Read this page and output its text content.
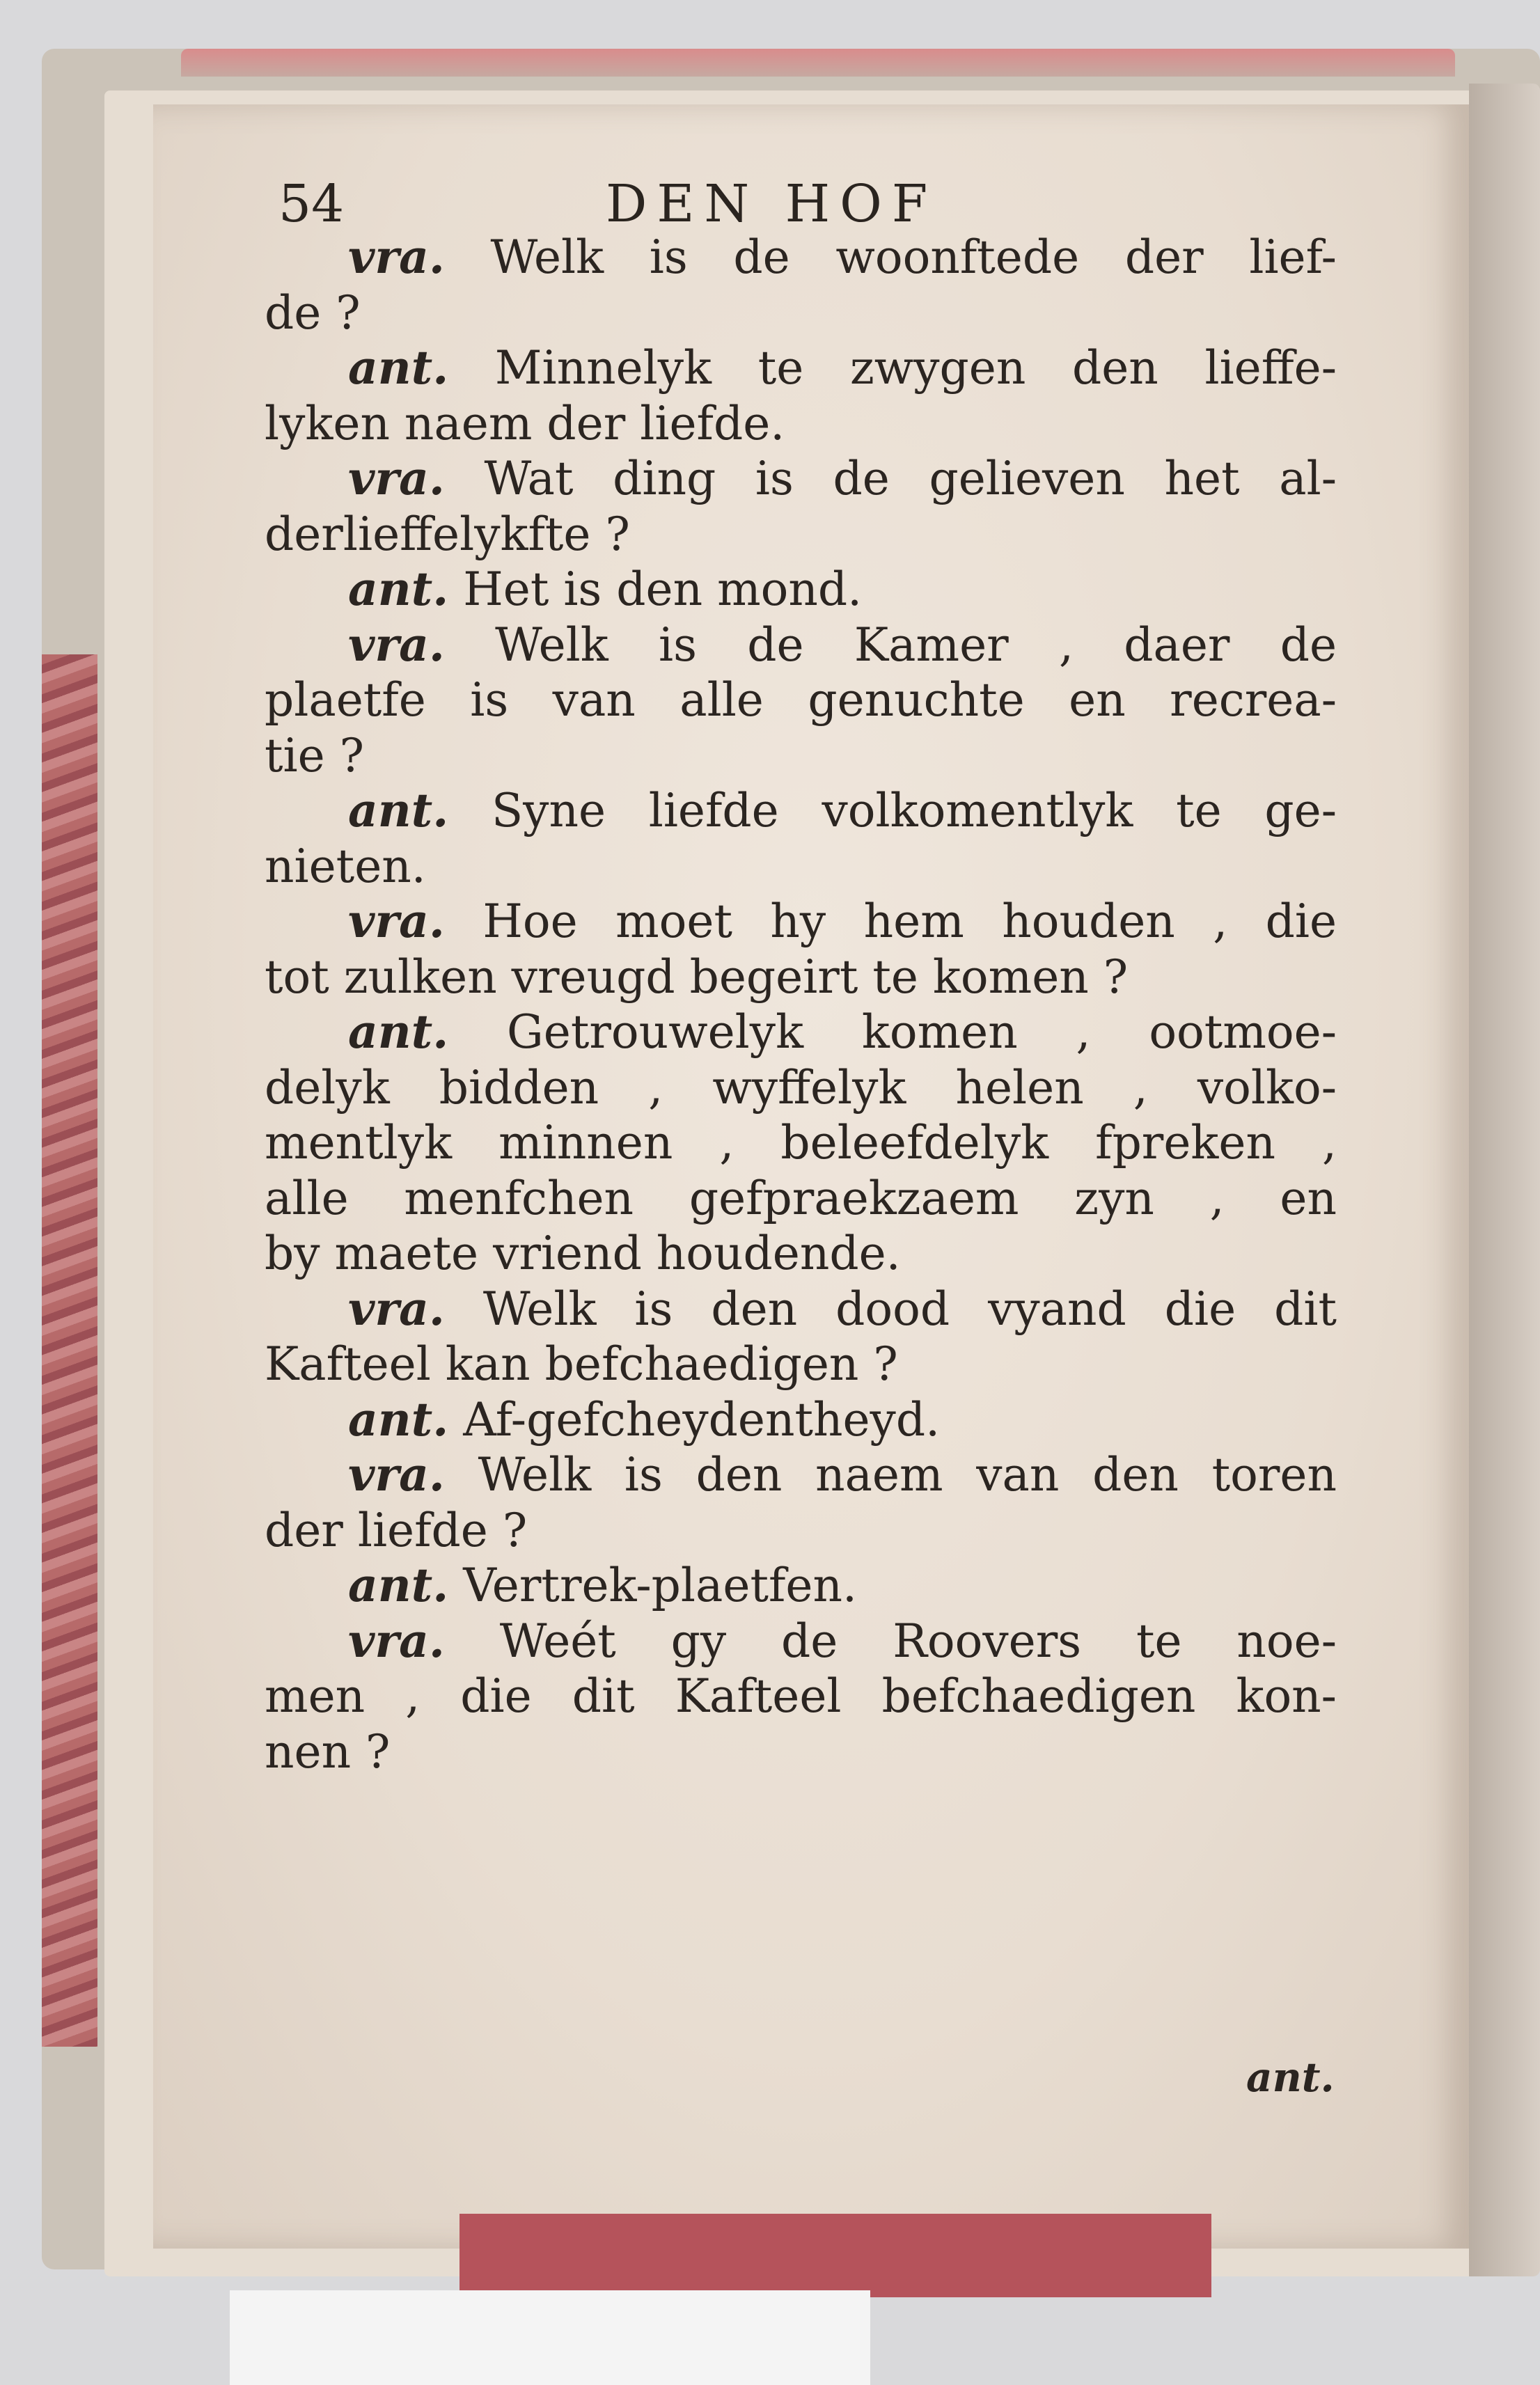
54	DEN HOF
vra. Welk is de woonftede der lief-
de ?
ant. Minnelyk te zwygen den lieffe-
lyken naem der liefde.
vra. Wat ding is de gelieven het al-
derlieffelykfte ?
ant. Het is den mond.
vra. Welk is de Kamer , daer de
plaetfe is van alle genuchte en recrea-
tie ?
ant. Syne liefde volkomentlyk te ge-
nieten.
vra. Hoe moet hy hem houden , die
tot zulken vreugd begeirt te komen ?
ant. Getrouwelyk komen , ootmoe-
delyk bidden , wyffelyk helen , volko-
mentlyk minnen , beleefdelyk fpreken ,
alle menfchen gefpraekzaem zyn , en
by maete vriend houdende.
vra. Welk is den dood vyand die dit
Kafteel kan befchaedigen ?
ant. Af-gefcheydentheyd.
vra. Welk is den naem van den toren
der liefde ?
ant. Vertrek-plaetfen.
vra. Weét gy de Roovers te noe-
men , die dit Kafteel befchaedigen kon-
nen ?
ant.
